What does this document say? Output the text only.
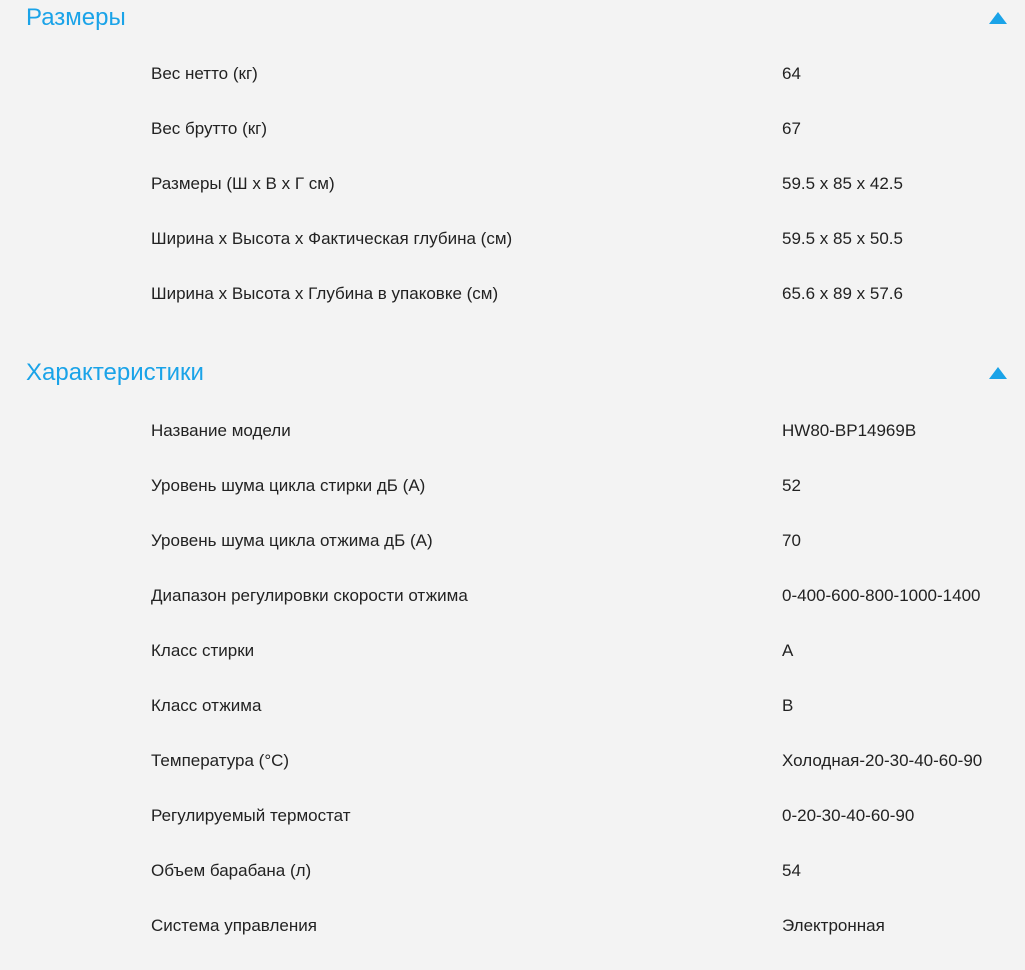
Размеры
Вес нетто (кг)	64
Вес брутто (кг)	67
Размеры (Ш x В x Г см)	59.5 x 85 x 42.5
Ширина x Высота x Фактическая глубина (см)	59.5 x 85 x 50.5
Ширина x Высота x Глубина в упаковке (см)	65.6 x 89 x 57.6
Характеристики
Название модели	HW80-BP14969B
Уровень шума цикла стирки дБ (А)	52
Уровень шума цикла отжима дБ (А)	70
Диапазон регулировки скорости отжима	0-400-600-800-1000-1400
Класс стирки	A
Класс отжима	B
Температура (°C)	Холодная-20-30-40-60-90
Регулируемый термостат	0-20-30-40-60-90
Объем барабана (л)	54
Система управления	Электронная
